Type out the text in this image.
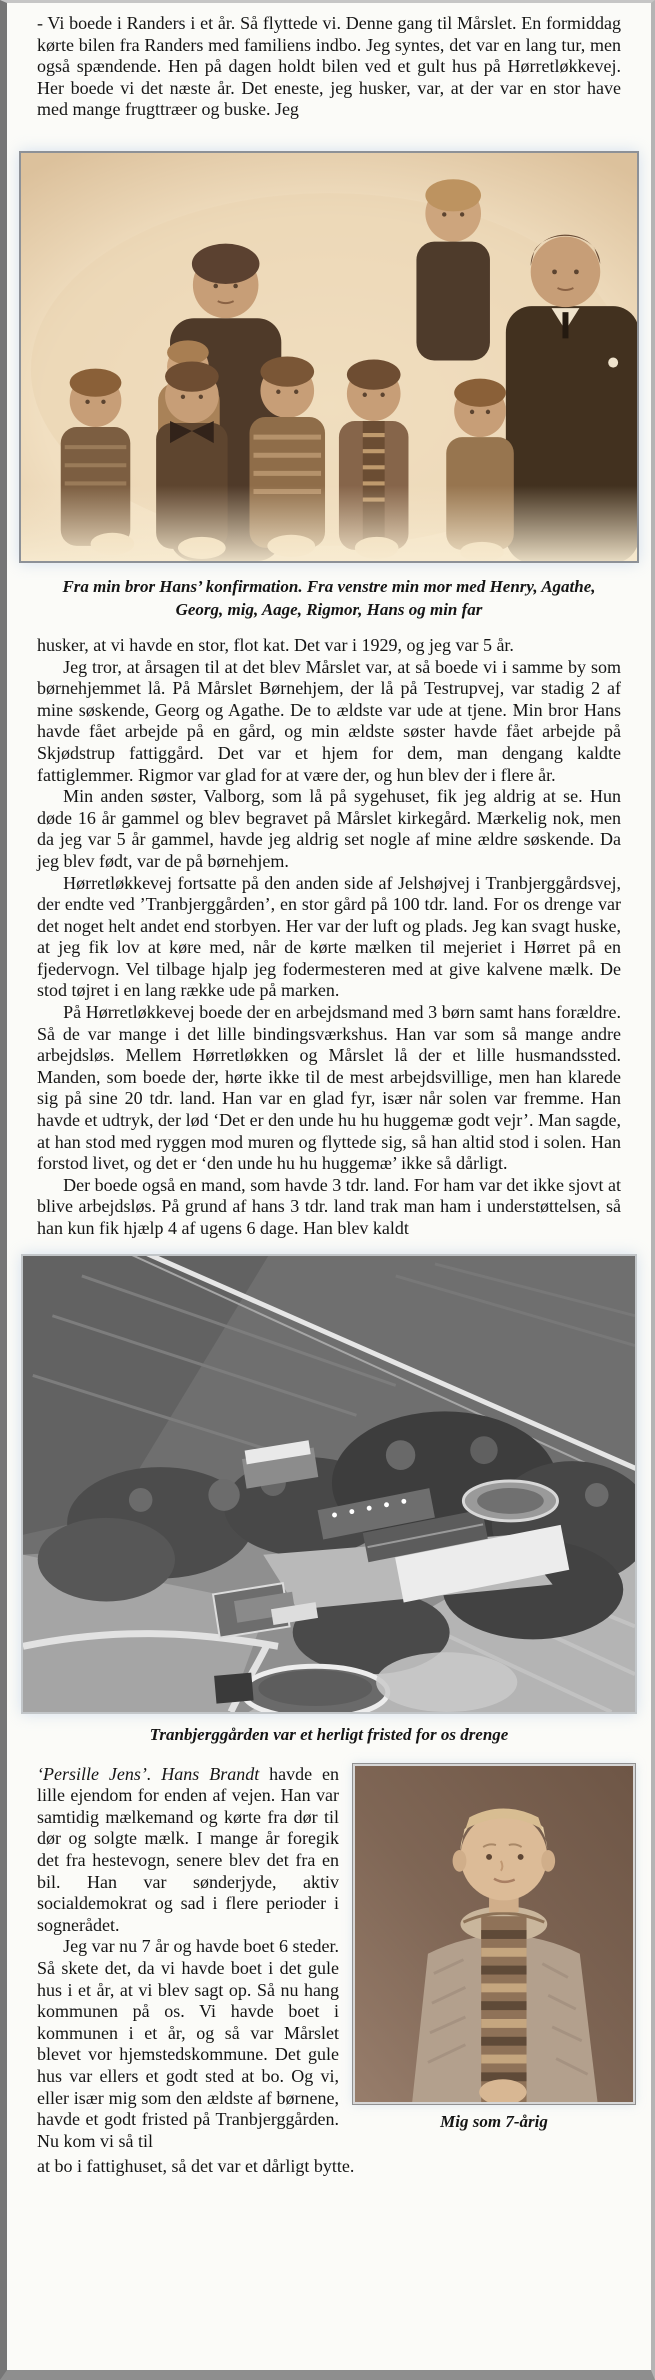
- Vi boede i Randers i et år. Så flyttede vi. Denne gang til Mårslet. En formiddag kørte bilen fra Randers med familiens indbo. Jeg syntes, det var en lang tur, men også spændende. Hen på dagen holdt bilen ved et gult hus på Hørretløkkevej. Her boede vi det næste år. Det eneste, jeg husker, var, at der var en stor have med mange frugttræer og buske. Jeg

Fra min bror Hans’ konfirmation. Fra venstre min mor med Henry, Agathe, Georg, mig, Aage, Rigmor, Hans og min far

husker, at vi havde en stor, flot kat. Det var i 1929, og jeg var 5 år.

Jeg tror, at årsagen til at det blev Mårslet var, at så boede vi i samme by som børnehjemmet lå. På Mårslet Børnehjem, der lå på Testrupvej, var stadig 2 af mine søskende, Georg og Agathe. De to ældste var ude at tjene. Min bror Hans havde fået arbejde på en gård, og min ældste søster havde fået arbejde på Skjødstrup fattiggård. Det var et hjem for dem, man dengang kaldte fattiglemmer. Rigmor var glad for at være der, og hun blev der i flere år.

Min anden søster, Valborg, som lå på sygehuset, fik jeg aldrig at se. Hun døde 16 år gammel og blev begravet på Mårslet kirkegård. Mærkelig nok, men da jeg var 5 år gammel, havde jeg aldrig set nogle af mine ældre søskende. Da jeg blev født, var de på børnehjem.

Hørretløkkevej fortsatte på den anden side af Jelshøjvej i Tranbjerggårdsvej, der endte ved ’Tranbjerggården’, en stor gård på 100 tdr. land. For os drenge var det noget helt andet end storbyen. Her var der luft og plads. Jeg kan svagt huske, at jeg fik lov at køre med, når de kørte mælken til mejeriet i Hørret på en fjedervogn. Vel tilbage hjalp jeg fodermesteren med at give kalvene mælk. De stod tøjret i en lang række ude på marken.

På Hørretløkkevej boede der en arbejdsmand med 3 børn samt hans forældre. Så de var mange i det lille bindingsværkshus. Han var som så mange andre arbejdsløs. Mellem Hørretløkken og Mårslet lå der et lille husmandssted. Manden, som boede der, hørte ikke til de mest arbejdsvillige, men han klarede sig på sine 20 tdr. land. Han var en glad fyr, især når solen var fremme. Han havde et udtryk, der lød ‘Det er den unde hu hu huggemæ godt vejr’. Man sagde, at han stod med ryggen mod muren og flyttede sig, så han altid stod i solen. Han forstod livet, og det er ‘den unde hu hu huggemæ’ ikke så dårligt.

Der boede også en mand, som havde 3 tdr. land. For ham var det ikke sjovt at blive arbejdsløs. På grund af hans 3 tdr. land trak man ham i understøttelsen, så han kun fik hjælp 4 af ugens 6 dage. Han blev kaldt

Tranbjerggården var et herligt fristed for os drenge

‘Persille Jens’. Hans Brandt havde en lille ejendom for enden af vejen. Han var samtidig mælkemand og kørte fra dør til dør og solgte mælk. I mange år foregik det fra hestevogn, senere blev det fra en bil. Han var sønderjyde, aktiv socialdemokrat og sad i flere perioder i sognerådet.

Jeg var nu 7 år og havde boet 6 steder. Så skete det, da vi havde boet i det gule hus i et år, at vi blev sagt op. Så nu hang kommunen på os. Vi havde boet i kommunen i et år, og så var Mårslet blevet vor hjemstedskommune. Det gule hus var ellers et godt sted at bo. Og vi, eller især mig som den ældste af børnene, havde et godt fristed på Tranbjerggården. Nu kom vi så til

Mig som 7-årig

at bo i fattighuset, så det var et dårligt bytte.
